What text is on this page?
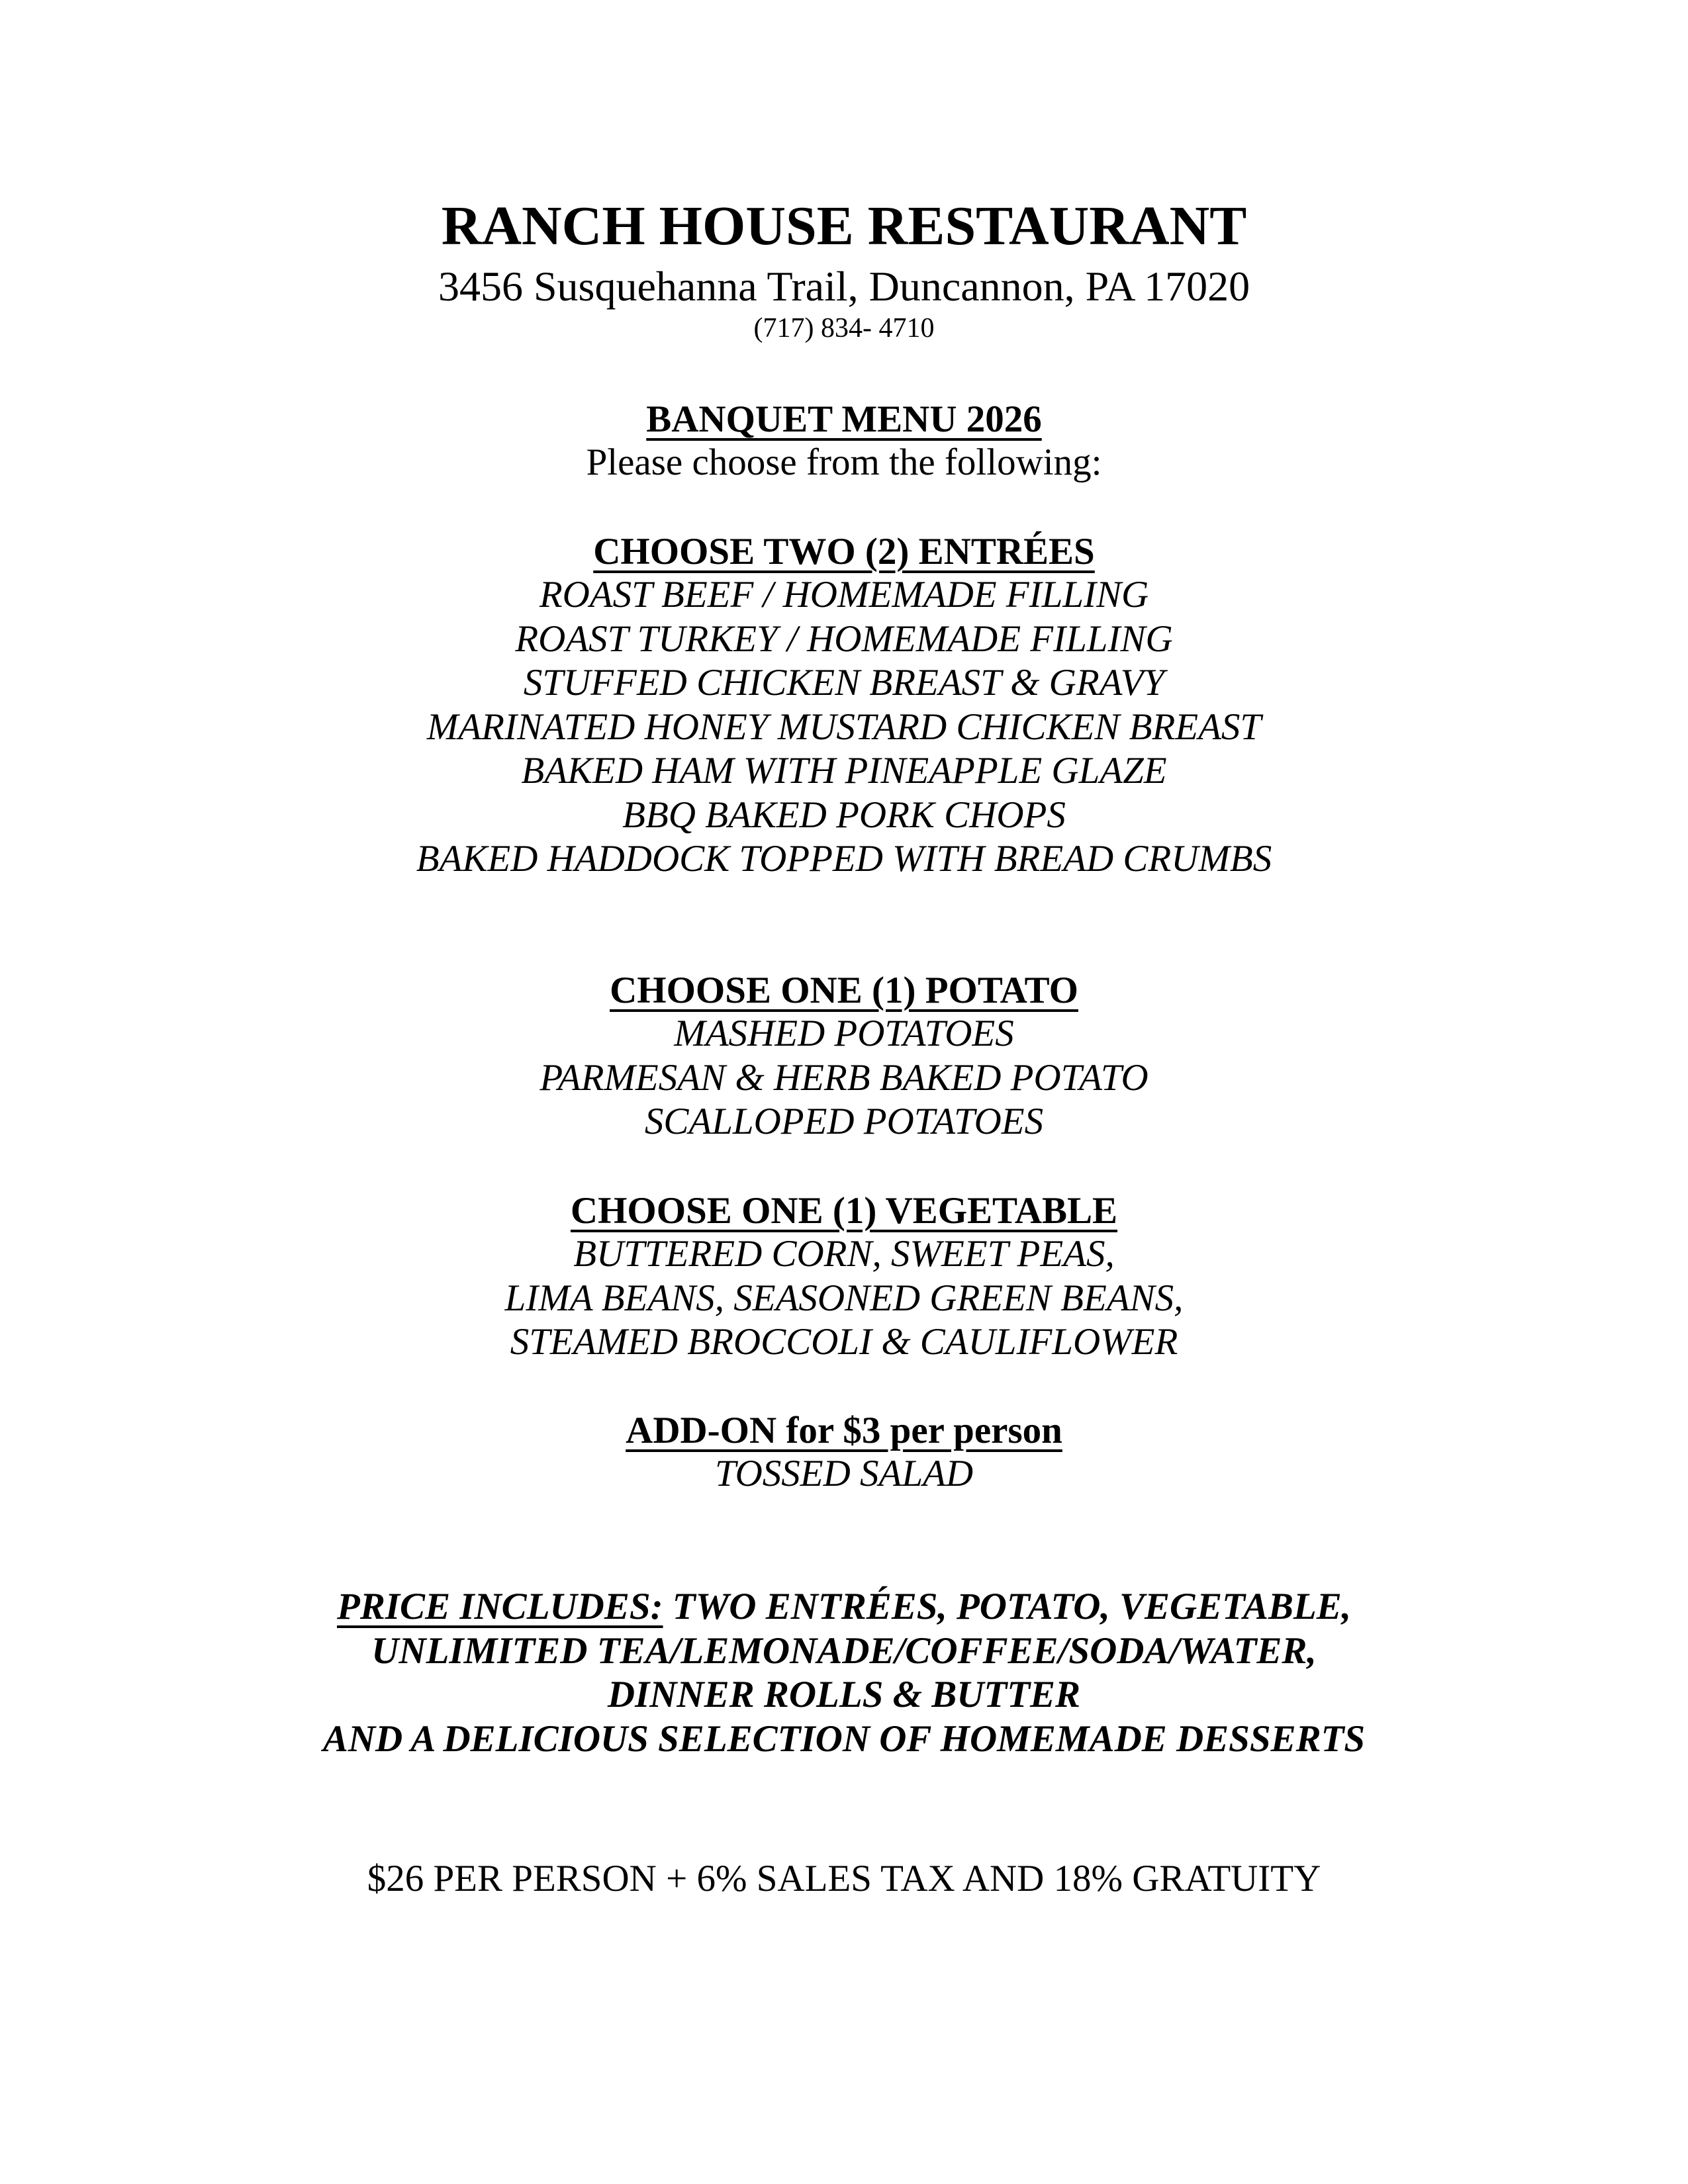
RANCH HOUSE RESTAURANT
3456 Susquehanna Trail, Duncannon, PA 17020
(717) 834- 4710
BANQUET MENU 2026
Please choose from the following:
CHOOSE TWO (2) ENTRÉES
ROAST BEEF / HOMEMADE FILLING
ROAST TURKEY / HOMEMADE FILLING
STUFFED CHICKEN BREAST & GRAVY
MARINATED HONEY MUSTARD CHICKEN BREAST
BAKED HAM WITH PINEAPPLE GLAZE
BBQ BAKED PORK CHOPS
BAKED HADDOCK TOPPED WITH BREAD CRUMBS
CHOOSE ONE (1) POTATO
MASHED POTATOES
PARMESAN & HERB BAKED POTATO
SCALLOPED POTATOES
CHOOSE ONE (1) VEGETABLE
BUTTERED CORN, SWEET PEAS,
LIMA BEANS, SEASONED GREEN BEANS,
STEAMED BROCCOLI & CAULIFLOWER
ADD-ON for $3 per person
TOSSED SALAD
PRICE INCLUDES: TWO ENTRÉES, POTATO, VEGETABLE,
UNLIMITED TEA/LEMONADE/COFFEE/SODA/WATER,
DINNER ROLLS & BUTTER
AND A DELICIOUS SELECTION OF HOMEMADE DESSERTS
$26 PER PERSON + 6% SALES TAX AND 18% GRATUITY
